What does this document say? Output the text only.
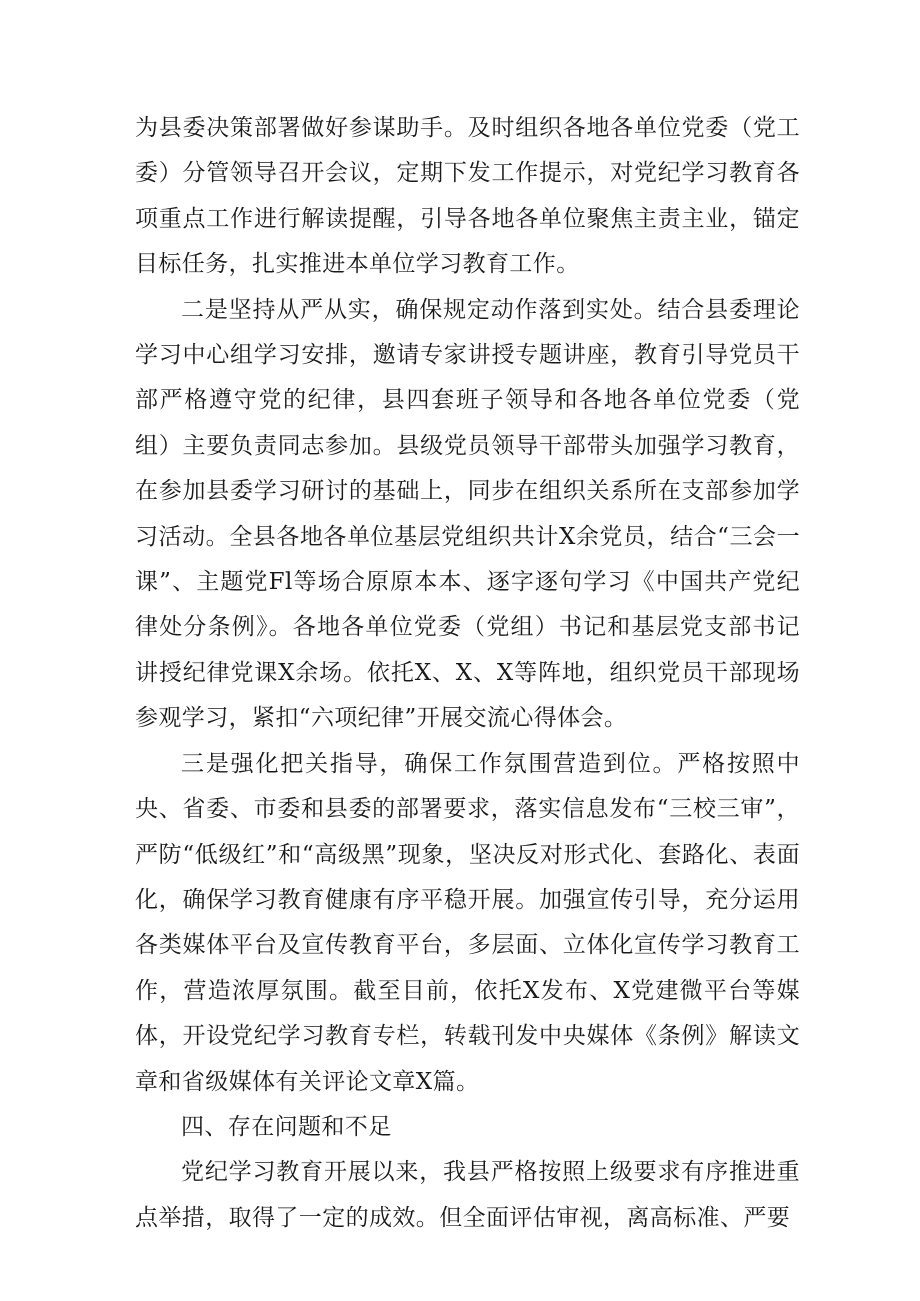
为县委决策部署做好参谋助手。及时组织各地各单位党委（党工委）分管领导召开会议，定期下发工作提示，对党纪学习教育各项重点工作进行解读提醒，引导各地各单位聚焦主责主业，锚定目标任务，扎实推进本单位学习教育工作。

二是坚持从严从实，确保规定动作落到实处。结合县委理论学习中心组学习安排，邀请专家讲授专题讲座，教育引导党员干部严格遵守党的纪律，县四套班子领导和各地各单位党委（党组）主要负责同志参加。县级党员领导干部带头加强学习教育，在参加县委学习研讨的基础上，同步在组织关系所在支部参加学习活动。全县各地各单位基层党组织共计X余党员，结合“三会一课”、主题党Fl等场合原原本本、逐字逐句学习《中国共产党纪律处分条例》。各地各单位党委（党组）书记和基层党支部书记讲授纪律党课X余场。依托X、X、X等阵地，组织党员干部现场参观学习，紧扣“六项纪律”开展交流心得体会。

三是强化把关指导，确保工作氛围营造到位。严格按照中央、省委、市委和县委的部署要求，落实信息发布“三校三审”，严防“低级红”和“高级黑”现象，坚决反对形式化、套路化、表面化，确保学习教育健康有序平稳开展。加强宣传引导，充分运用各类媒体平台及宣传教育平台，多层面、立体化宣传学习教育工作，营造浓厚氛围。截至目前，依托X发布、X党建微平台等媒体，开设党纪学习教育专栏，转载刊发中央媒体《条例》解读文章和省级媒体有关评论文章X篇。

四、存在问题和不足

党纪学习教育开展以来，我县严格按照上级要求有序推进重点举措，取得了一定的成效。但全面评估审视，离高标准、严要
